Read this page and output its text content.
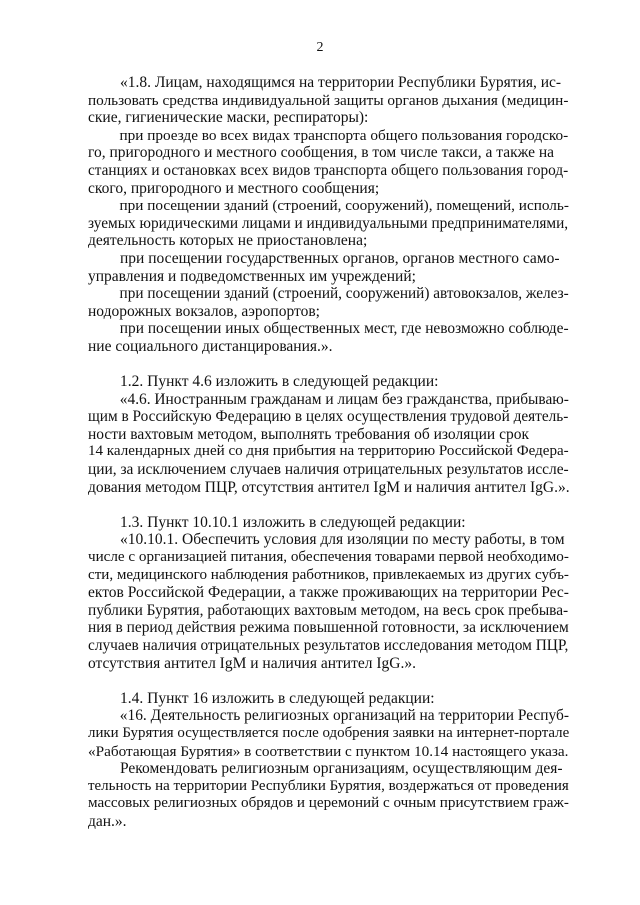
2

«1.8. Лицам, находящимся на территории Республики Бурятия, ис-

пользовать средства индивидуальной защиты органов дыхания (медицин-

ские, гигиенические маски, респираторы):

при проезде во всех видах транспорта общего пользования городско-

го, пригородного и местного сообщения, в том числе такси, а также на

станциях и остановках всех видов транспорта общего пользования город-

ского, пригородного и местного сообщения;

при посещении зданий (строений, сооружений), помещений, исполь-

зуемых юридическими лицами и индивидуальными предпринимателями,

деятельность которых не приостановлена;

при посещении государственных органов, органов местного само-

управления и подведомственных им учреждений;

при посещении зданий (строений, сооружений) автовокзалов, желез-

нодорожных вокзалов, аэропортов;

при посещении иных общественных мест, где невозможно соблюде-

ние социального дистанцирования.».

1.2. Пункт 4.6 изложить в следующей редакции:

«4.6. Иностранным гражданам и лицам без гражданства, прибываю-

щим в Российскую Федерацию в целях осуществления трудовой деятель-

ности вахтовым методом, выполнять требования об изоляции срок

14 календарных дней со дня прибытия на территорию Российской Федера-

ции, за исключением случаев наличия отрицательных результатов иссле-

дования методом ПЦР, отсутствия антител IgM и наличия антител IgG.».

1.3. Пункт 10.10.1 изложить в следующей редакции:

«10.10.1. Обеспечить условия для изоляции по месту работы, в том

числе с организацией питания, обеспечения товарами первой необходимо-

сти, медицинского наблюдения работников, привлекаемых из других субъ-

ектов Российской Федерации, а также проживающих на территории Рес-

публики Бурятия, работающих вахтовым методом, на весь срок пребыва-

ния в период действия режима повышенной готовности, за исключением

случаев наличия отрицательных результатов исследования методом ПЦР,

отсутствия антител IgM и наличия антител IgG.».

1.4. Пункт 16 изложить в следующей редакции:

«16. Деятельность религиозных организаций на территории Респуб-

лики Бурятия осуществляется после одобрения заявки на интернет-портале

«Работающая Бурятия» в соответствии с пунктом 10.14 настоящего указа.

Рекомендовать религиозным организациям, осуществляющим дея-

тельность на территории Республики Бурятия, воздержаться от проведения

массовых религиозных обрядов и церемоний с очным присутствием граж-

дан.».
